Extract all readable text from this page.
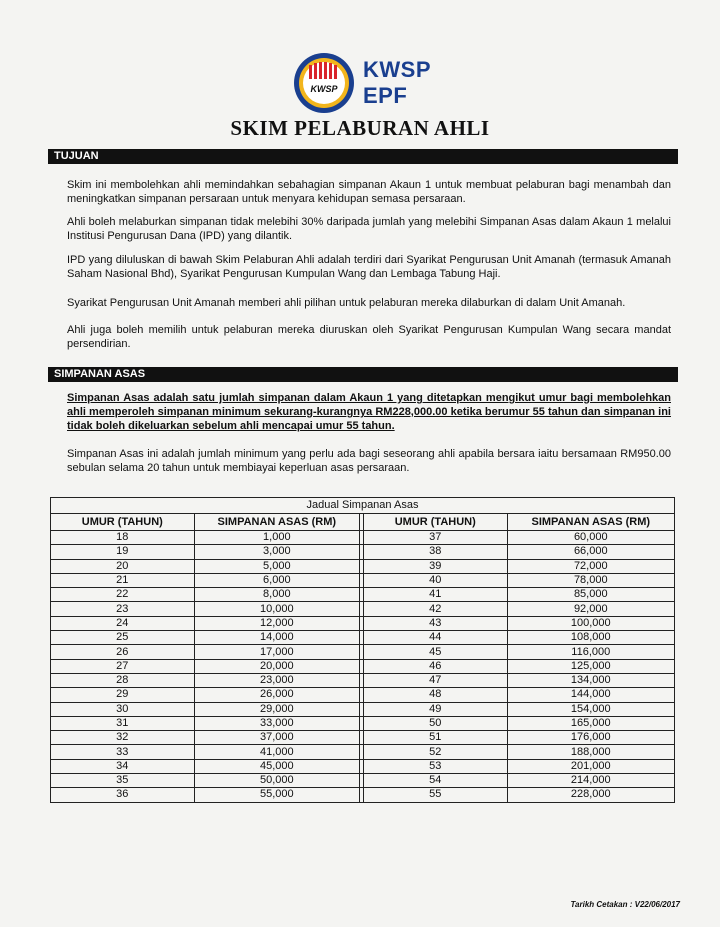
KWSP
KWSP
EPF
SKIM PELABURAN AHLI
TUJUAN
Skim ini membolehkan ahli memindahkan sebahagian simpanan Akaun 1 untuk membuat pelaburan bagi menambah dan meningkatkan simpanan persaraan untuk menyara kehidupan semasa persaraan.
Ahli boleh melaburkan simpanan tidak melebihi 30% daripada jumlah yang melebihi Simpanan Asas dalam Akaun 1 melalui Institusi Pengurusan Dana (IPD) yang dilantik.
IPD yang diluluskan di bawah Skim Pelaburan Ahli adalah terdiri dari Syarikat Pengurusan Unit Amanah (termasuk Amanah Saham Nasional Bhd), Syarikat Pengurusan Kumpulan Wang dan Lembaga Tabung Haji.
Syarikat Pengurusan Unit Amanah memberi ahli pilihan untuk pelaburan mereka dilaburkan di dalam Unit Amanah.
Ahli juga boleh memilih untuk pelaburan mereka diuruskan oleh Syarikat Pengurusan Kumpulan Wang secara mandat persendirian.
SIMPANAN ASAS
Simpanan Asas adalah satu jumlah simpanan dalam Akaun 1 yang ditetapkan mengikut umur bagi membolehkan ahli memperoleh simpanan minimum sekurang-kurangnya RM228,000.00 ketika berumur 55 tahun dan simpanan ini tidak boleh dikeluarkan sebelum ahli mencapai umur 55 tahun.
Simpanan Asas ini adalah jumlah minimum yang perlu ada bagi seseorang ahli apabila bersara iaitu bersamaan RM950.00 sebulan selama 20 tahun untuk membiayai keperluan asas persaraan.
Jadual Simpanan Asas				
UMUR (TAHUN)	SIMPANAN ASAS (RM)		UMUR (TAHUN)	SIMPANAN ASAS (RM)
18	1,000		37	60,000
19	3,000		38	66,000
20	5,000		39	72,000
21	6,000		40	78,000
22	8,000		41	85,000
23	10,000		42	92,000
24	12,000		43	100,000
25	14,000		44	108,000
26	17,000		45	116,000
27	20,000		46	125,000
28	23,000		47	134,000
29	26,000		48	144,000
30	29,000		49	154,000
31	33,000		50	165,000
32	37,000		51	176,000
33	41,000		52	188,000
34	45,000		53	201,000
35	50,000		54	214,000
36	55,000		55	228,000
Tarikh Cetakan : V22/06/2017
